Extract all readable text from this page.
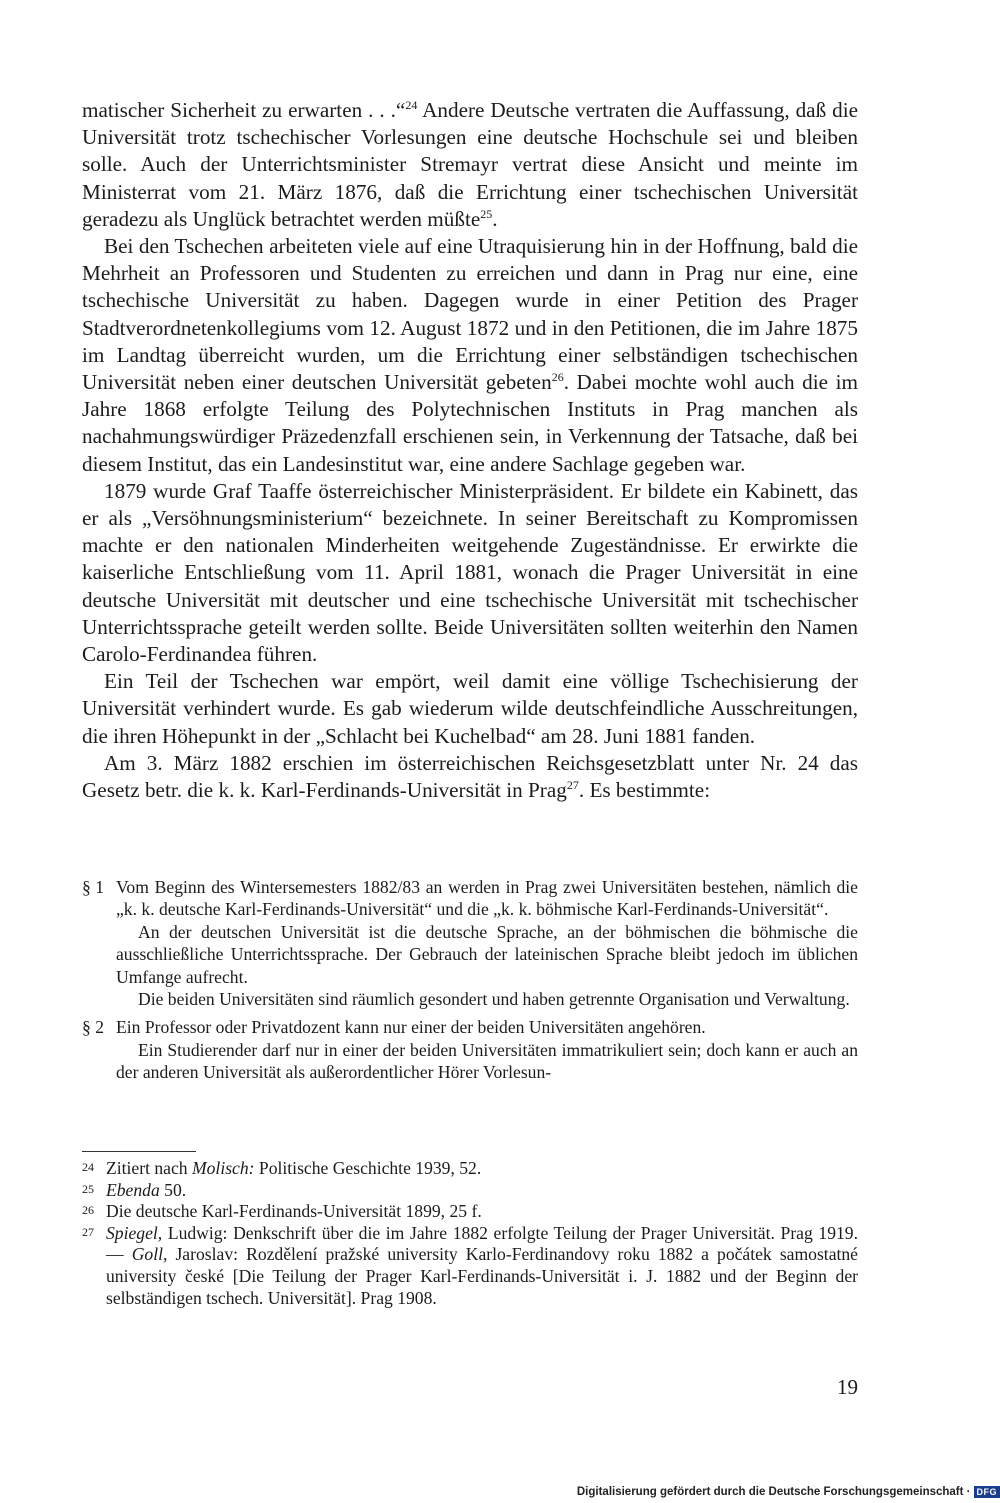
matischer Sicherheit zu erwarten . . .“$^{24}$ Andere Deutsche vertraten die Auffassung, daß die Universität trotz tschechischer Vorlesungen eine deutsche Hochschule sei und bleiben solle. Auch der Unterrichtsminister Stremayr vertrat diese Ansicht und meinte im Ministerrat vom 21. März 1876, daß die Errichtung einer tschechischen Universität geradezu als Unglück betrachtet werden müßte$^{25}$.

Bei den Tschechen arbeiteten viele auf eine Utraquisierung hin in der Hoffnung, bald die Mehrheit an Professoren und Studenten zu erreichen und dann in Prag nur eine, eine tschechische Universität zu haben. Dagegen wurde in einer Petition des Prager Stadtverordnetenkollegiums vom 12. August 1872 und in den Petitionen, die im Jahre 1875 im Landtag überreicht wurden, um die Errichtung einer selbständigen tschechischen Universität neben einer deutschen Universität gebeten$^{26}$. Dabei mochte wohl auch die im Jahre 1868 erfolgte Teilung des Polytechnischen Instituts in Prag manchen als nachahmungswürdiger Präzedenzfall erschienen sein, in Verkennung der Tatsache, daß bei diesem Institut, das ein Landesinstitut war, eine andere Sachlage gegeben war.

1879 wurde Graf Taaffe österreichischer Ministerpräsident. Er bildete ein Kabinett, das er als „Versöhnungsministerium“ bezeichnete. In seiner Bereitschaft zu Kompromissen machte er den nationalen Minderheiten weitgehende Zugeständnisse. Er erwirkte die kaiserliche Entschließung vom 11. April 1881, wonach die Prager Universität in eine deutsche Universität mit deutscher und eine tschechische Universität mit tschechischer Unterrichtssprache geteilt werden sollte. Beide Universitäten sollten weiterhin den Namen Carolo-Ferdinandea führen.

Ein Teil der Tschechen war empört, weil damit eine völlige Tschechisierung der Universität verhindert wurde. Es gab wiederum wilde deutschfeindliche Ausschreitungen, die ihren Höhepunkt in der „Schlacht bei Kuchelbad“ am 28. Juni 1881 fanden.

Am 3. März 1882 erschien im österreichischen Reichsgesetzblatt unter Nr. 24 das Gesetz betr. die k. k. Karl-Ferdinands-Universität in Prag$^{27}$. Es bestimmte:

§ 1 Vom Beginn des Wintersemesters 1882/83 an werden in Prag zwei Universitäten bestehen, nämlich die „k. k. deutsche Karl-Ferdinands-Universität“ und die „k. k. böhmische Karl-Ferdinands-Universität“.

An der deutschen Universität ist die deutsche Sprache, an der böhmischen die böhmische die ausschließliche Unterrichtssprache. Der Gebrauch der lateinischen Sprache bleibt jedoch im üblichen Umfange aufrecht.

Die beiden Universitäten sind räumlich gesondert und haben getrennte Organisation und Verwaltung.

§ 2 Ein Professor oder Privatdozent kann nur einer der beiden Universitäten angehören.

Ein Studierender darf nur in einer der beiden Universitäten immatrikuliert sein; doch kann er auch an der anderen Universität als außerordentlicher Hörer Vorlesun-

24 Zitiert nach Molisch: Politische Geschichte 1939, 52.
25 Ebenda 50.
26 Die deutsche Karl-Ferdinands-Universität 1899, 25 f.
27 Spiegel, Ludwig: Denkschrift über die im Jahre 1882 erfolgte Teilung der Prager Universität. Prag 1919. — Goll, Jaroslav: Rozdělení pražské university Karlo-Ferdinandovy roku 1882 a počátek samostatné university české [Die Teilung der Prager Karl-Ferdinands-Universität i. J. 1882 und der Beginn der selbständigen tschech. Universität]. Prag 1908.
19
Digitalisierung gefördert durch die Deutsche Forschungsgemeinschaft · DFG
